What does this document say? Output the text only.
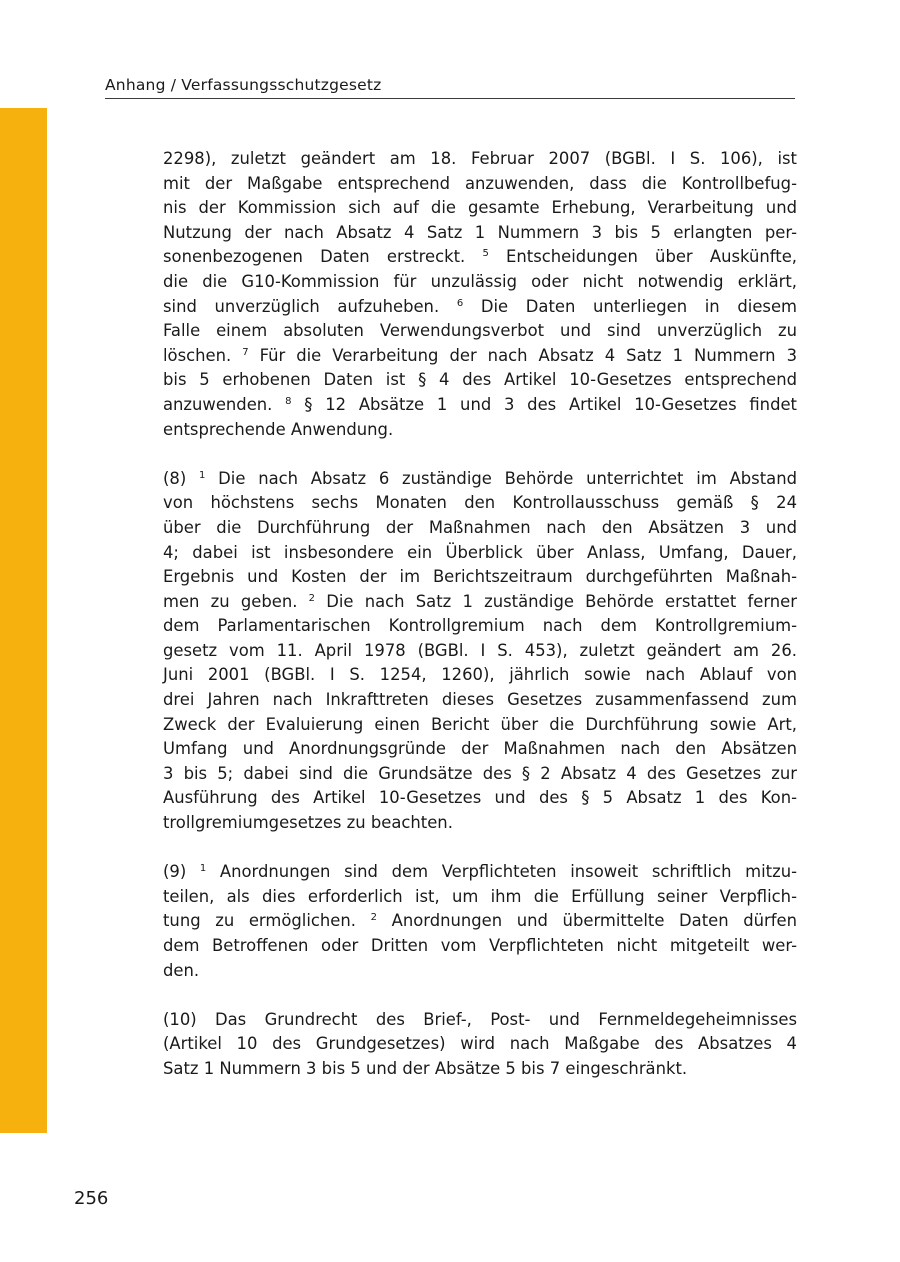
Anhang / Verfassungsschutzgesetz
2298), zuletzt geändert am 18. Februar 2007 (BGBl. I S. 106), ist
mit der Maßgabe entsprechend anzuwenden, dass die Kontrollbefug-
nis der Kommission sich auf die gesamte Erhebung, Verarbeitung und
Nutzung der nach Absatz 4 Satz 1 Nummern 3 bis 5 erlangten per-
sonenbezogenen Daten erstreckt. $^5$ Entscheidungen über Auskünfte,
die die G10-Kommission für unzulässig oder nicht notwendig erklärt,
sind unverzüglich aufzuheben. $^6$ Die Daten unterliegen in diesem
Falle einem absoluten Verwendungsverbot und sind unverzüglich zu
löschen. $^7$ Für die Verarbeitung der nach Absatz 4 Satz 1 Nummern 3
bis 5 erhobenen Daten ist § 4 des Artikel 10-Gesetzes entsprechend
anzuwenden. $^8$ § 12 Absätze 1 und 3 des Artikel 10-Gesetzes findet
entsprechende Anwendung.
(8) $^1$ Die nach Absatz 6 zuständige Behörde unterrichtet im Abstand
von höchstens sechs Monaten den Kontrollausschuss gemäß § 24
über die Durchführung der Maßnahmen nach den Absätzen 3 und
4; dabei ist insbesondere ein Überblick über Anlass, Umfang, Dauer,
Ergebnis und Kosten der im Berichtszeitraum durchgeführten Maßnah-
men zu geben. $^2$ Die nach Satz 1 zuständige Behörde erstattet ferner
dem Parlamentarischen Kontrollgremium nach dem Kontrollgremium-
gesetz vom 11. April 1978 (BGBl. I S. 453), zuletzt geändert am 26.
Juni 2001 (BGBl. I S. 1254, 1260), jährlich sowie nach Ablauf von
drei Jahren nach Inkrafttreten dieses Gesetzes zusammenfassend zum
Zweck der Evaluierung einen Bericht über die Durchführung sowie Art,
Umfang und Anordnungsgründe der Maßnahmen nach den Absätzen
3 bis 5; dabei sind die Grundsätze des § 2 Absatz 4 des Gesetzes zur
Ausführung des Artikel 10-Gesetzes und des § 5 Absatz 1 des Kon-
trollgremiumgesetzes zu beachten.
(9) $^1$ Anordnungen sind dem Verpflichteten insoweit schriftlich mitzu-
teilen, als dies erforderlich ist, um ihm die Erfüllung seiner Verpflich-
tung zu ermöglichen. $^2$ Anordnungen und übermittelte Daten dürfen
dem Betroffenen oder Dritten vom Verpflichteten nicht mitgeteilt wer-
den.
(10) Das Grundrecht des Brief-, Post- und Fernmeldegeheimnisses
(Artikel 10 des Grundgesetzes) wird nach Maßgabe des Absatzes 4
Satz 1 Nummern 3 bis 5 und der Absätze 5 bis 7 eingeschränkt.
256
